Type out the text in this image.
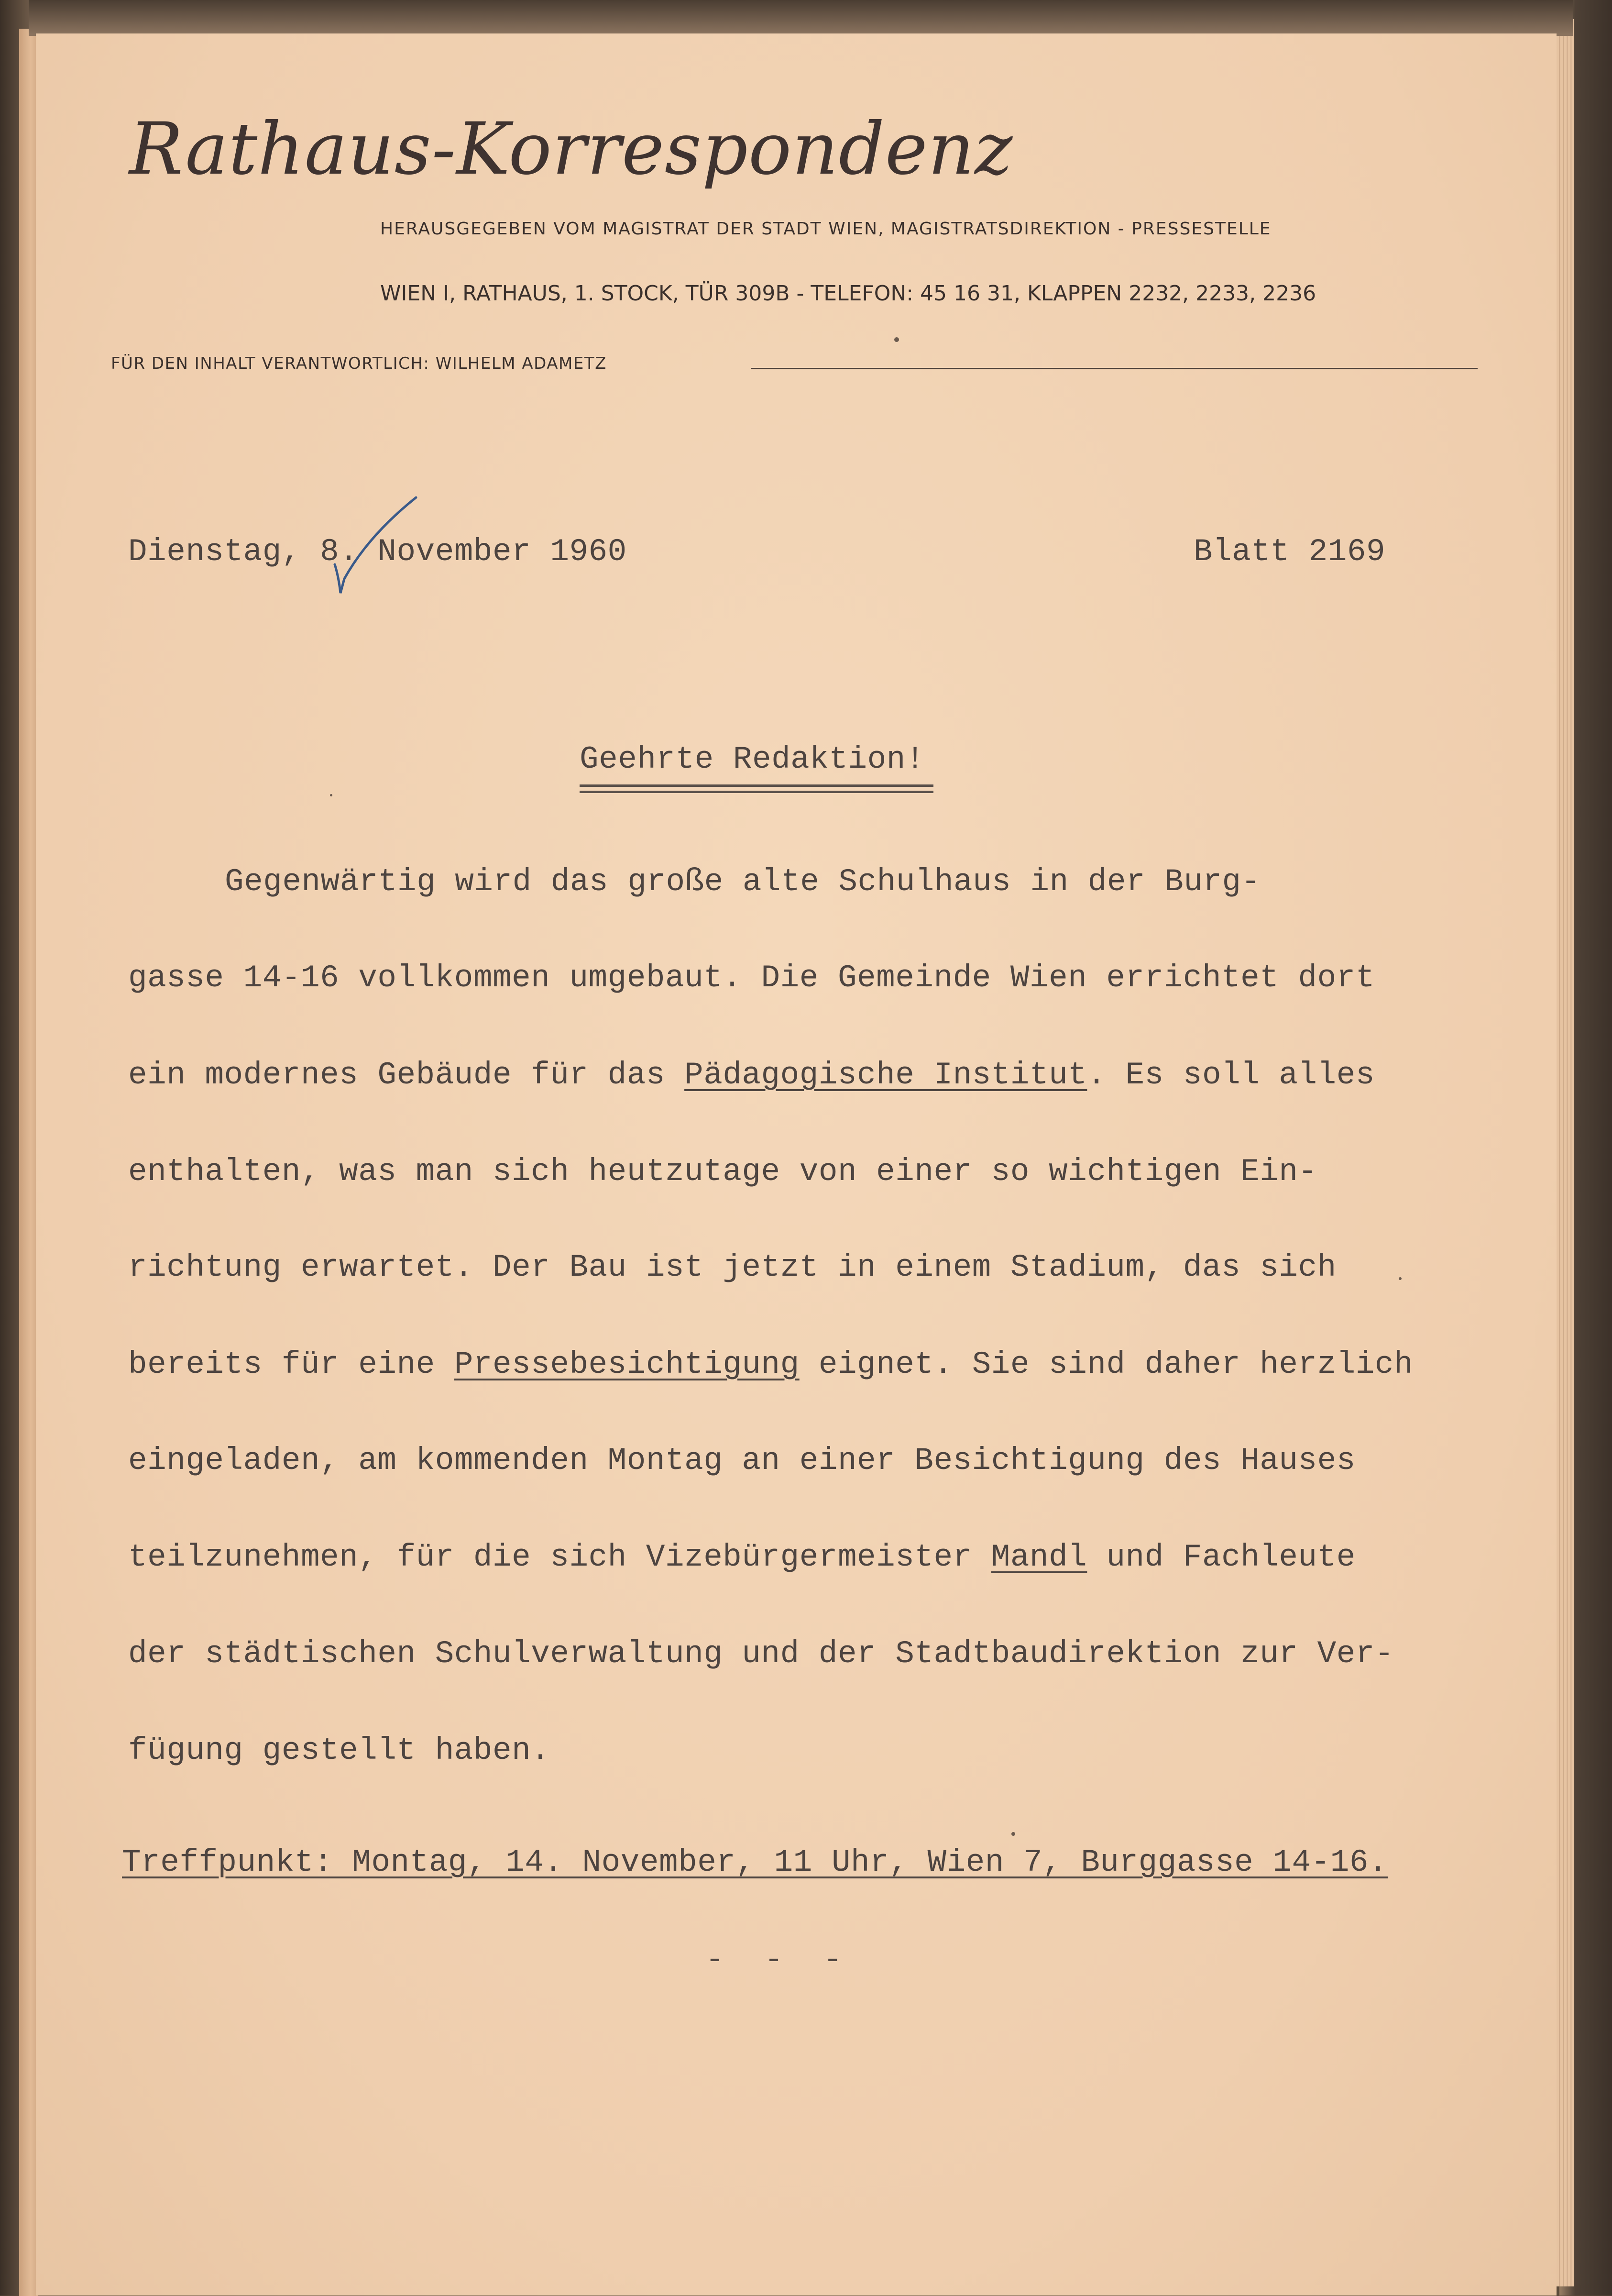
Rathaus-Korrespondenz
HERAUSGEGEBEN VOM MAGISTRAT DER STADT WIEN, MAGISTRATSDIREKTION - PRESSESTELLE
WIEN I, RATHAUS, 1. STOCK, TÜR 309B - TELEFON: 45 16 31, KLAPPEN 2232, 2233, 2236
FÜR DEN INHALT VERANTWORTLICH: WILHELM ADAMETZ
Dienstag, 8. November 1960	Blatt 2169
Geehrte Redaktion!
Gegenwärtig wird das große alte Schulhaus in der Burg-
gasse 14-16 vollkommen umgebaut. Die Gemeinde Wien errichtet dort
ein modernes Gebäude für das Pädagogische Institut. Es soll alles
enthalten, was man sich heutzutage von einer so wichtigen Ein-
richtung erwartet. Der Bau ist jetzt in einem Stadium, das sich
bereits für eine Pressebesichtigung eignet. Sie sind daher herzlich
eingeladen, am kommenden Montag an einer Besichtigung des Hauses
teilzunehmen, für die sich Vizebürgermeister Mandl und Fachleute
der städtischen Schulverwaltung und der Stadtbaudirektion zur Ver-
fügung gestellt haben.
Treffpunkt: Montag, 14. November, 11 Uhr, Wien 7, Burggasse 14-16.
- - -
